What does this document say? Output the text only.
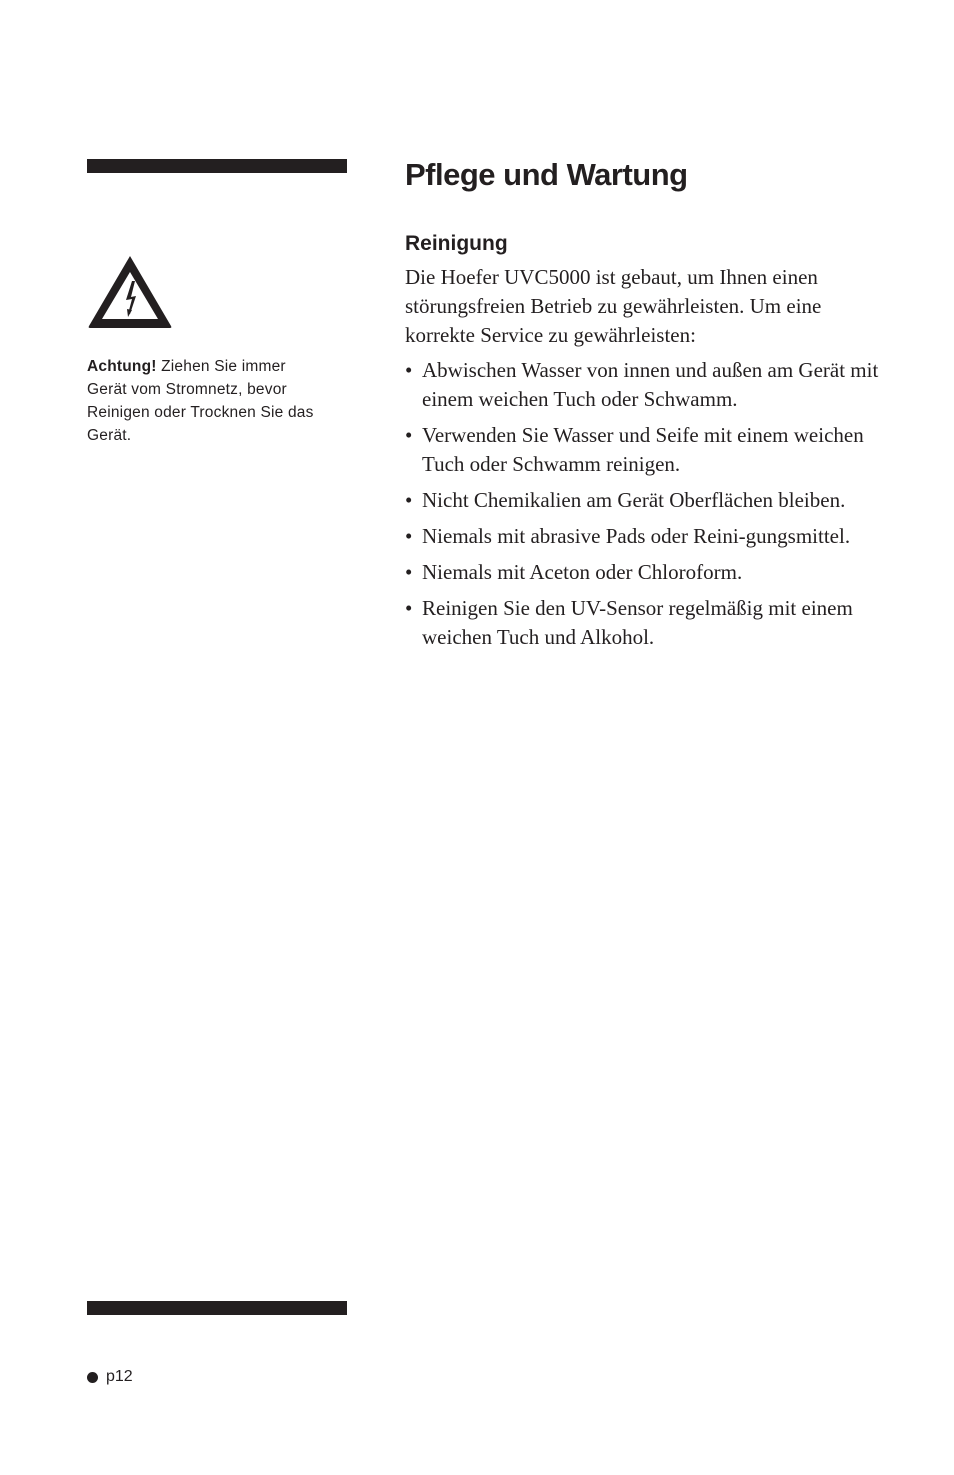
Achtung! Ziehen Sie immer Gerät vom Stromnetz, bevor Reinigen oder Trocknen Sie das Gerät.
Pflege und Wartung
Reinigung

Die Hoefer UVC5000 ist gebaut, um Ihnen einen störungsfreien Betrieb zu gewährleisten. Um eine korrekte Service zu gewährleisten:

• Abwischen Wasser von innen und außen am Gerät mit einem weichen Tuch oder Schwamm.
• Verwenden Sie Wasser und Seife mit einem weichen Tuch oder Schwamm reinigen.
• Nicht Chemikalien am Gerät Oberflächen bleiben.
• Niemals mit abrasive Pads oder Reini-gungsmittel.
• Niemals mit Aceton oder Chloroform.
• Reinigen Sie den UV-Sensor regelmäßig mit einem weichen Tuch und Alkohol.
p12
